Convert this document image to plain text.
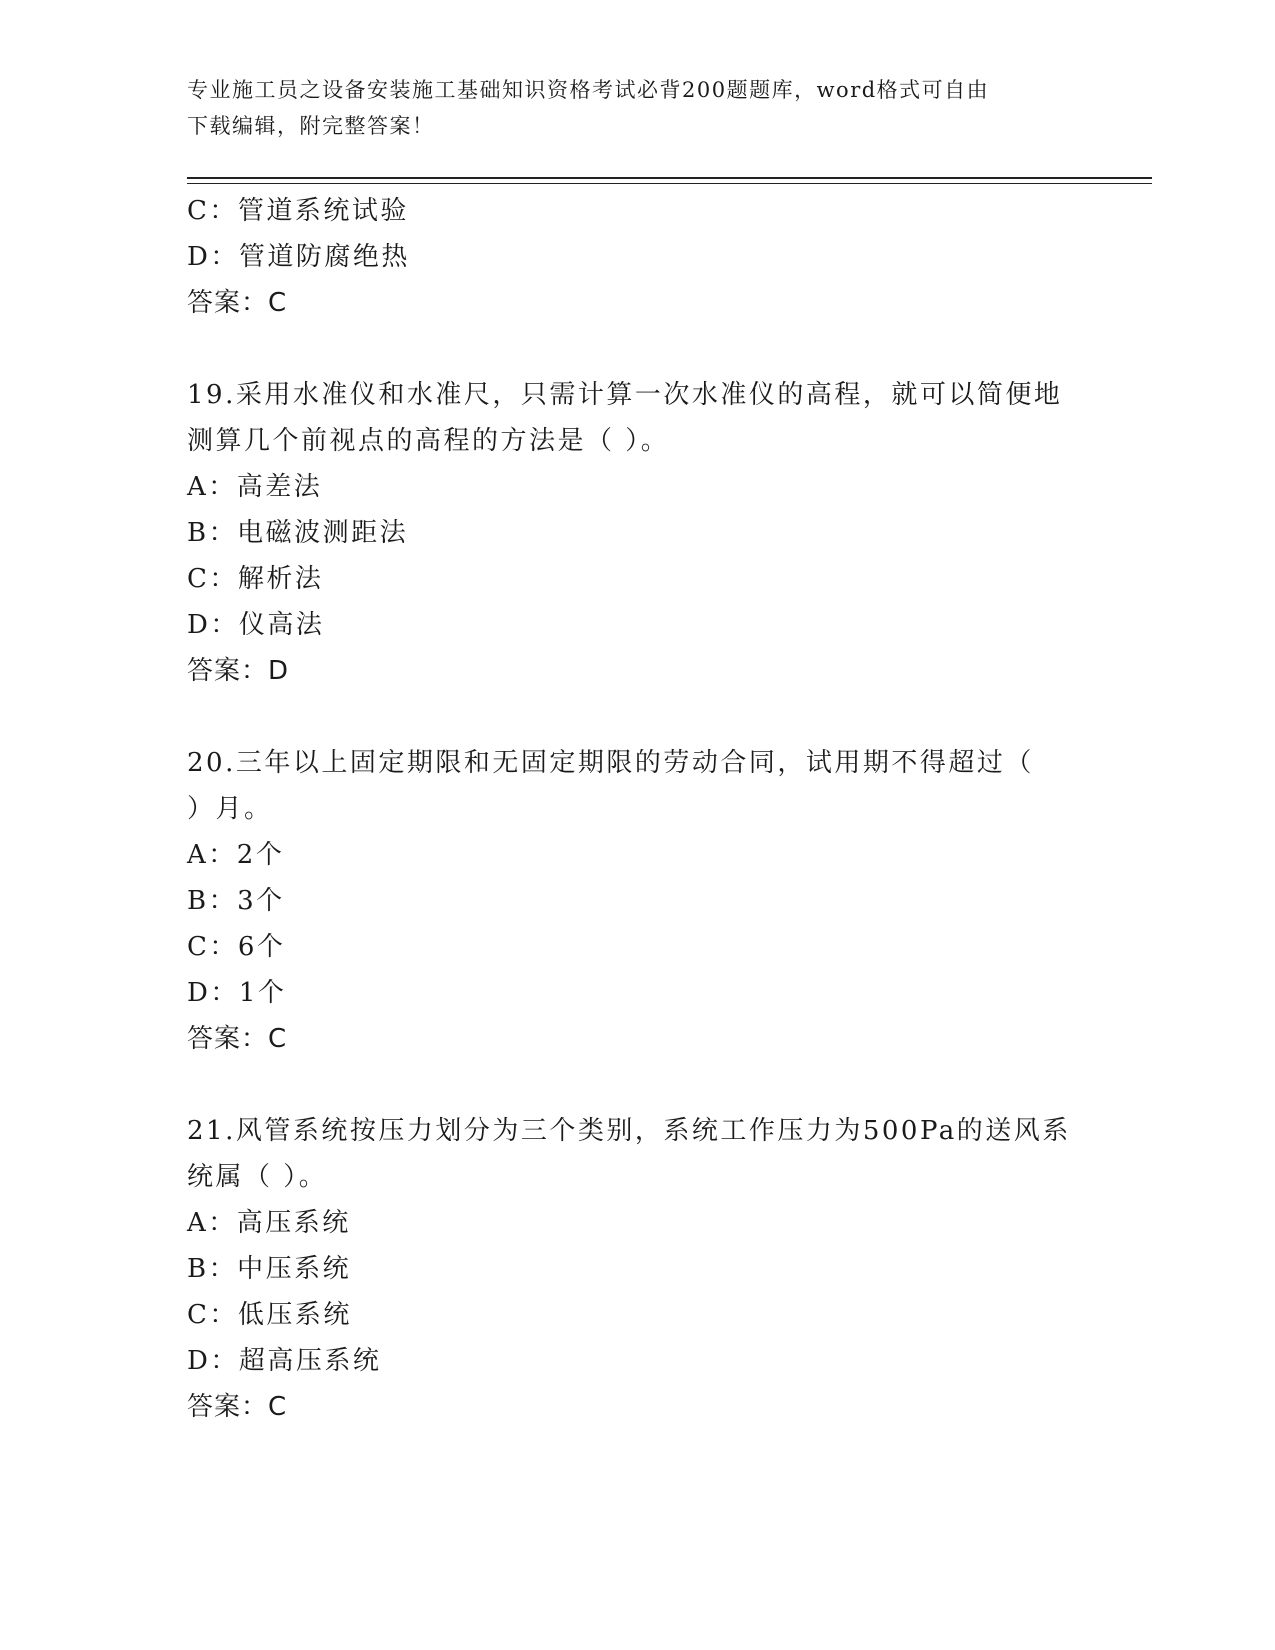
专业施工员之设备安装施工基础知识资格考试必背200题题库，word格式可自由
下载编辑，附完整答案！
C：管道系统试验
D：管道防腐绝热
答案：C
19.采用水准仪和水准尺，只需计算一次水准仪的高程，就可以简便地
测算几个前视点的高程的方法是（ ）。
A：高差法
B：电磁波测距法
C：解析法
D：仪高法
答案：D
20.三年以上固定期限和无固定期限的劳动合同，试用期不得超过（
）月。
A：2个
B：3个
C：6个
D：1个
答案：C
21.风管系统按压力划分为三个类别，系统工作压力为500Pa的送风系
统属（ ）。
A：高压系统
B：中压系统
C：低压系统
D：超高压系统
答案：C
